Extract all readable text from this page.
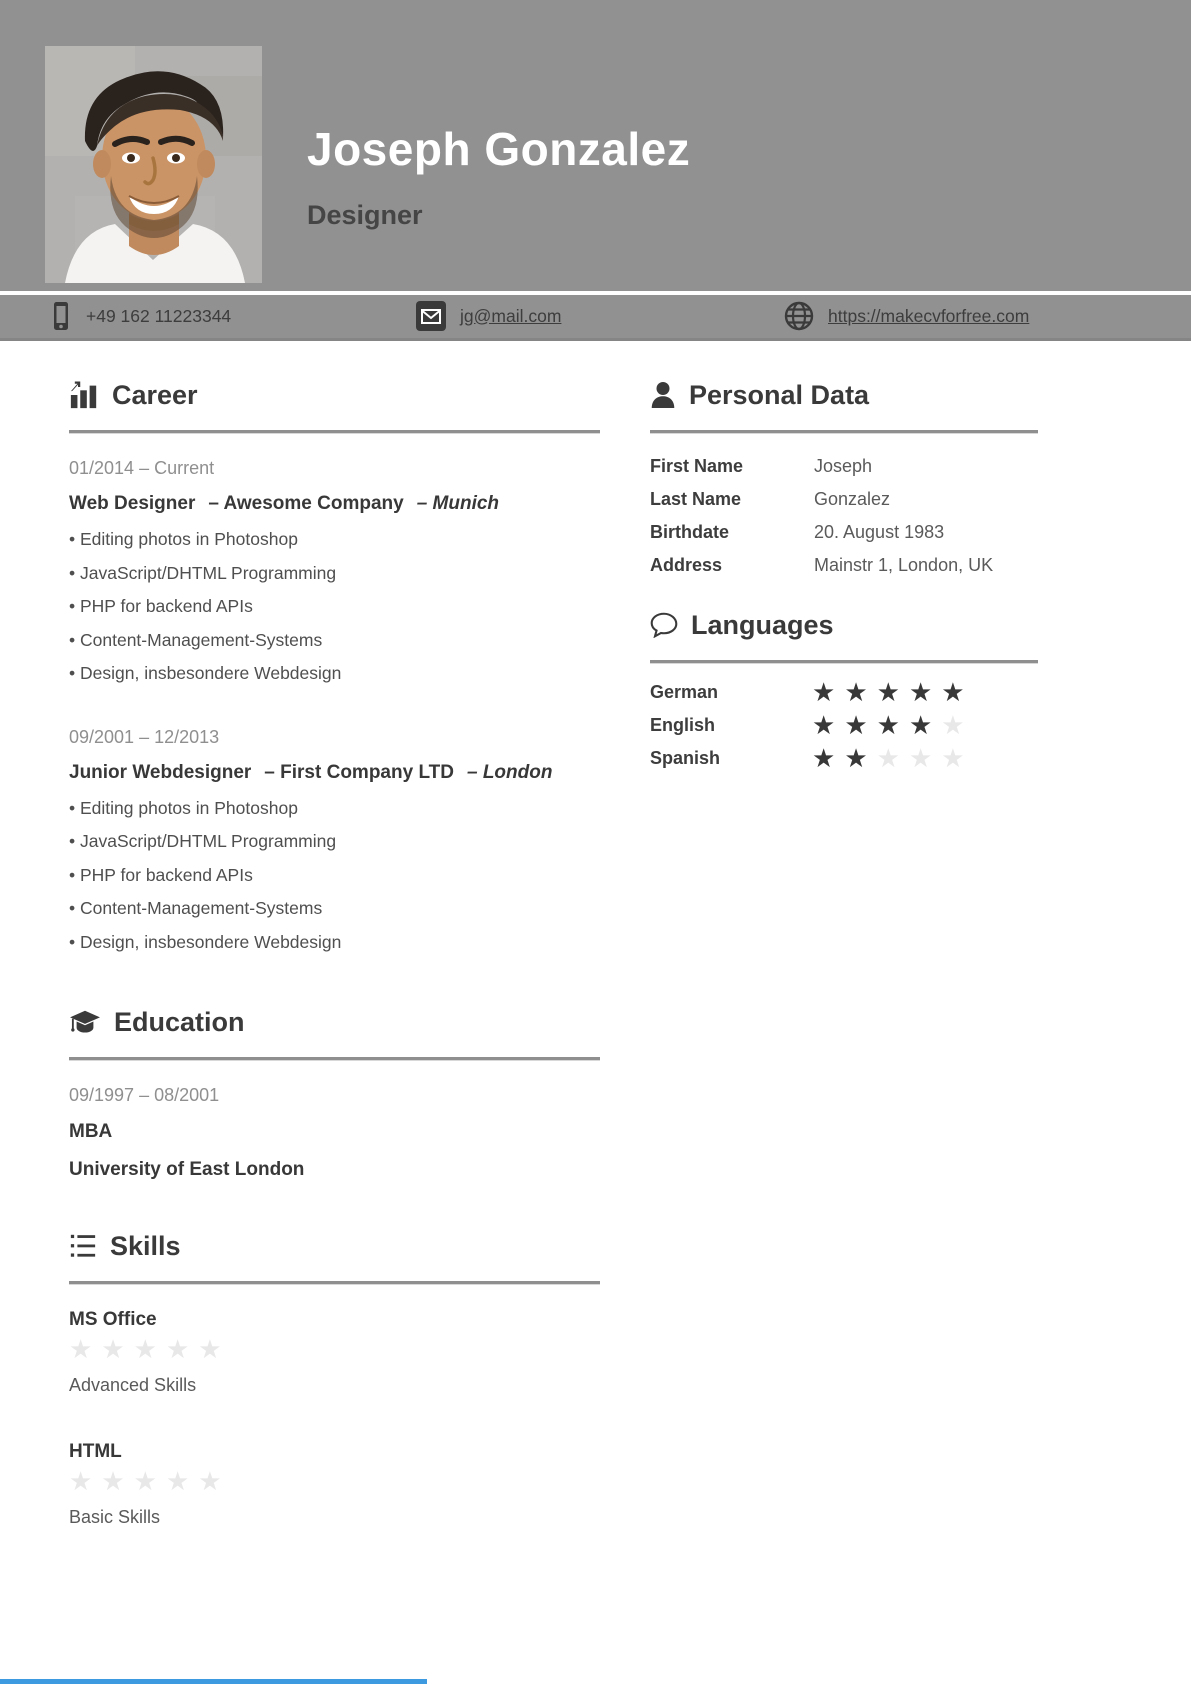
Joseph Gonzalez
Designer
+49 162 11223344	jg@mail.com	https://makecvforfree.com
Career
01/2014 – Current
Web Designer – Awesome Company – Munich
• Editing photos in Photoshop
• JavaScript/DHTML Programming
• PHP for backend APIs
• Content-Management-Systems
• Design, insbesondere Webdesign
09/2001 – 12/2013
Junior Webdesigner – First Company LTD – London
• Editing photos in Photoshop
• JavaScript/DHTML Programming
• PHP for backend APIs
• Content-Management-Systems
• Design, insbesondere Webdesign
Education
09/1997 – 08/2001
MBA
University of East London
Skills
MS Office
★ ★ ★ ★ ★
Advanced Skills
HTML
★ ★ ★ ★ ★
Basic Skills
Personal Data
First Name	Joseph
Last Name	Gonzalez
Birthdate	20. August 1983
Address	Mainstr 1, London, UK
Languages
German	★ ★ ★ ★ ★
English	★ ★ ★ ★ ★
Spanish	★ ★ ★ ★ ★
